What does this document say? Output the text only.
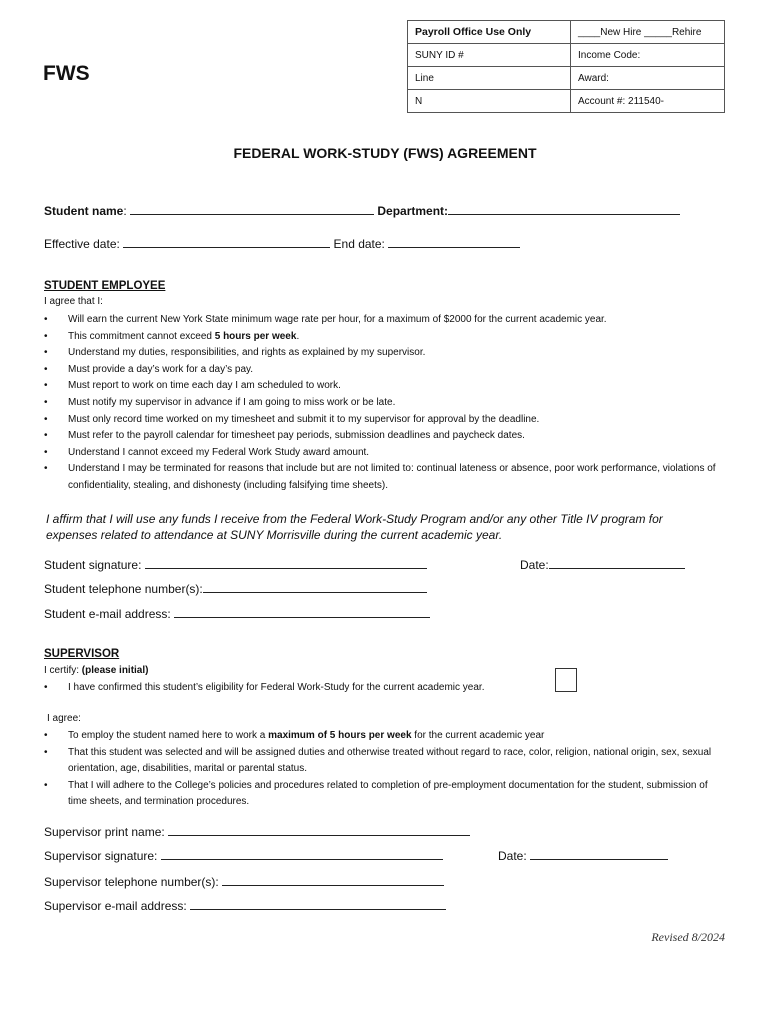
FWS
Payroll Office Use Only	____New Hire _____Rehire
SUNY ID #	Income Code:
Line	Award:
N	Account #: 211540-
FEDERAL WORK-STUDY (FWS) AGREEMENT
Student name:	Department:
Effective date:	End date:
STUDENT EMPLOYEE
I agree that I:
• Will earn the current New York State minimum wage rate per hour, for a maximum of $2000 for the current academic year.
• This commitment cannot exceed 5 hours per week.
• Understand my duties, responsibilities, and rights as explained by my supervisor.
• Must provide a day’s work for a day’s pay.
• Must report to work on time each day I am scheduled to work.
• Must notify my supervisor in advance if I am going to miss work or be late.
• Must only record time worked on my timesheet and submit it to my supervisor for approval by the deadline.
• Must refer to the payroll calendar for timesheet pay periods, submission deadlines and paycheck dates.
• Understand I cannot exceed my Federal Work Study award amount.
• Understand I may be terminated for reasons that include but are not limited to: continual lateness or absence, poor work performance, violations of confidentiality, stealing, and dishonesty (including falsifying time sheets).
I affirm that I will use any funds I receive from the Federal Work-Study Program and/or any other Title IV program for expenses related to attendance at SUNY Morrisville during the current academic year.
Student signature:	Date:
Student telephone number(s):
Student e-mail address:
SUPERVISOR
I certify: (please initial)
• I have confirmed this student’s eligibility for Federal Work-Study for the current academic year.
I agree:
• To employ the student named here to work a maximum of 5 hours per week for the current academic year
• That this student was selected and will be assigned duties and otherwise treated without regard to race, color, religion, national origin, sex, sexual orientation, age, disabilities, marital or parental status.
• That I will adhere to the College’s policies and procedures related to completion of pre-employment documentation for the student, submission of time sheets, and termination procedures.
Supervisor print name:
Supervisor signature:	Date:
Supervisor telephone number(s):
Supervisor e-mail address:
Revised 8/2024
